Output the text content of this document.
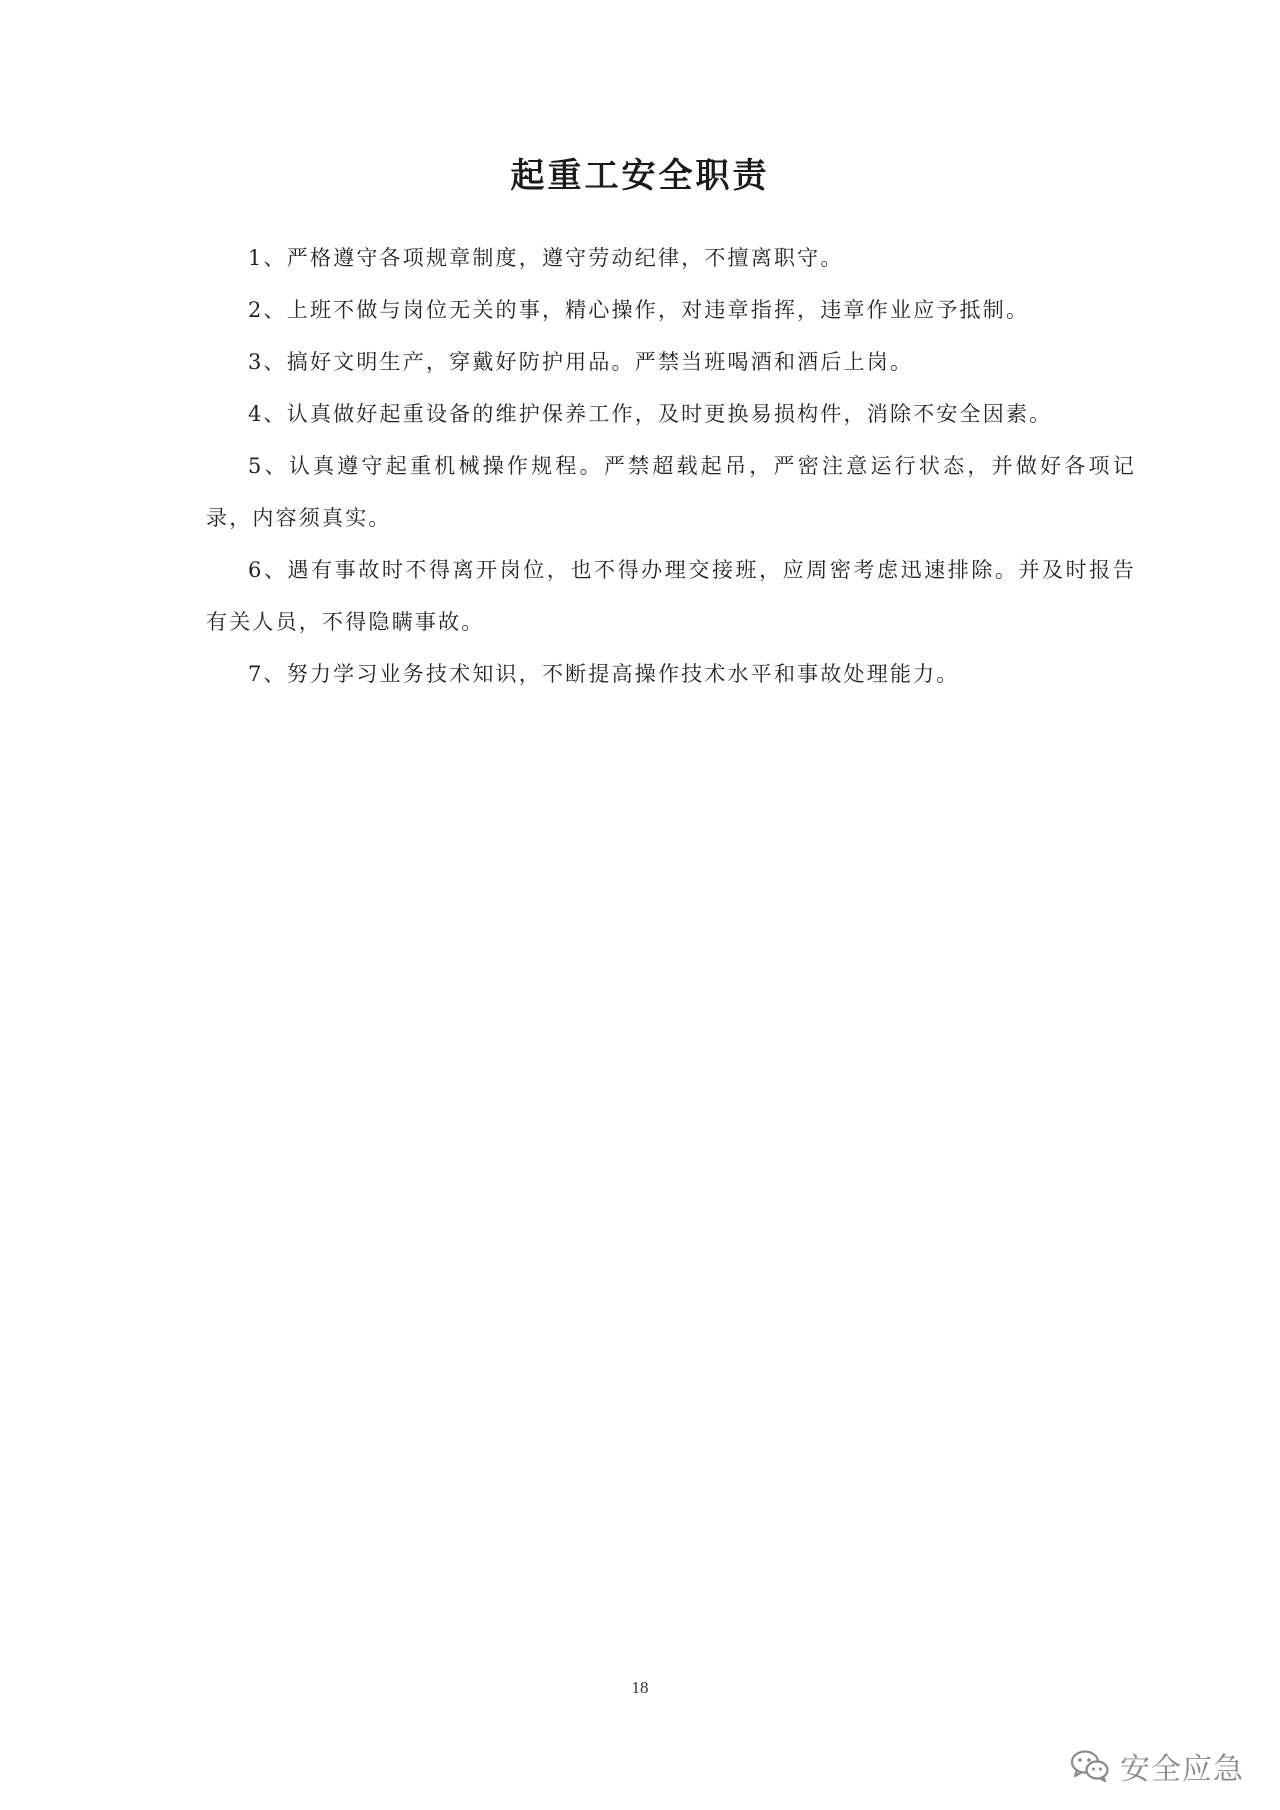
起重工安全职责

1、严格遵守各项规章制度，遵守劳动纪律，不擅离职守。

2、上班不做与岗位无关的事，精心操作，对违章指挥，违章作业应予抵制。

3、搞好文明生产，穿戴好防护用品。严禁当班喝酒和酒后上岗。

4、认真做好起重设备的维护保养工作，及时更换易损构件，消除不安全因素。

5、认真遵守起重机械操作规程。严禁超载起吊，严密注意运行状态，并做好各项记录，内容须真实。

6、遇有事故时不得离开岗位，也不得办理交接班，应周密考虑迅速排除。并及时报告有关人员，不得隐瞒事故。

7、努力学习业务技术知识，不断提高操作技术水平和事故处理能力。

18
安全应急
